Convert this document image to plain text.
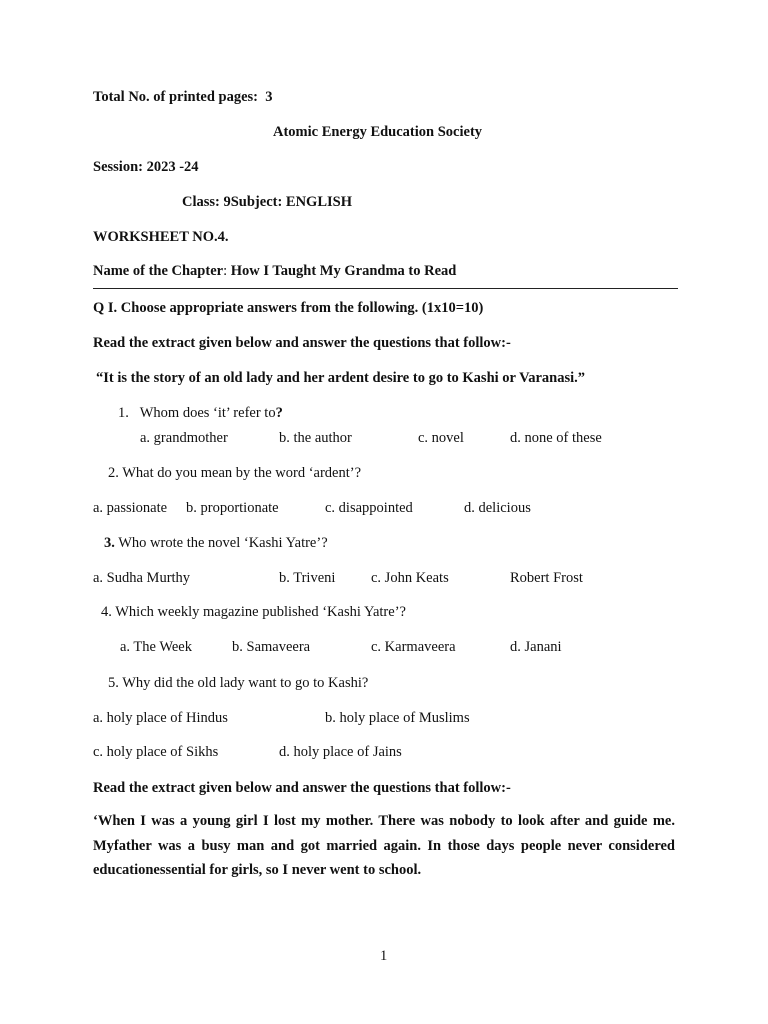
Total No. of printed pages: 3
Atomic Energy Education Society
Session: 2023 -24
Class: 9Subject: ENGLISH
WORKSHEET NO.4.
Name of the Chapter: How I Taught My Grandma to Read
Q I. Choose appropriate answers from the following. (1x10=10)
Read the extract given below and answer the questions that follow:-
“It is the story of an old lady and her ardent desire to go to Kashi or Varanasi.”
1. Whom does ‘it’ refer to?
a. grandmother	b. the author	c. novel	d. none of these
2. What do you mean by the word ‘ardent’?
a. passionate b. proportionate	c. disappointed	d. delicious
3. Who wrote the novel ‘Kashi Yatre’?
a. Sudha Murthy	b. Triveni c. John Keats	Robert Frost
4. Which weekly magazine published ‘Kashi Yatre’?
a. The Week	b. Samaveera	c. Karmaveera	d. Janani
5. Why did the old lady want to go to Kashi?
a. holy place of Hindus	b. holy place of Muslims
c. holy place of Sikhs	d. holy place of Jains
Read the extract given below and answer the questions that follow:-
‘When I was a young girl I lost my mother. There was nobody to look after and guide me. Myfather was a busy man and got married again. In those days people never considered educationessential for girls, so I never went to school.
1
